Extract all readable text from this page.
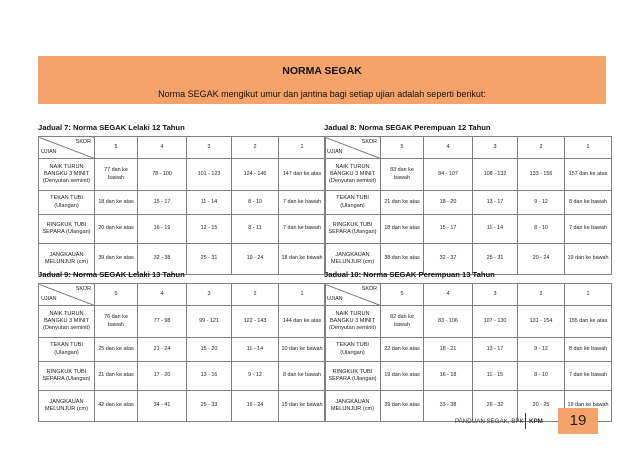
NORMA SEGAK
Norma SEGAK mengikut umur dan jantina bagi setiap ujian adalah seperti berikut:
Jadual 7: Norma SEGAK Lelaki 12 Tahun
SKOR
UJIAN	5	4	3	2	1
NAIK TURUN BANGKU 3 MINIT (Denyutan seminit)	77 dan ke bawah	78 - 100	101 - 123	124 - 146	147 dan ke atas
TEKAN TUBI (Ulangan)	18 dan ke atas	15 - 17	11 - 14	8 - 10	7 dan ke bawah
RINGKUK TUBI SEPARA (Ulangan)	20 dan ke atas	16 - 19	12 - 15	8 - 11	7 dan ke bawah
JANGKAUAN MELUNJUR (cm)	39 dan ke atas	32 - 38	25 - 31	19 - 24	18 dan ke bawah
Jadual 8: Norma SEGAK Perempuan 12 Tahun
SKOR
UJIAN	5	4	3	2	1
NAIK TURUN BANGKU 3 MINIT (Denyutan seminit)	83 dan ke bawah	84 - 107	108 - 132	133 - 156	157 dan ke atas
TEKAN TUBI (Ulangan)	21 dan ke atas	18 - 20	13 - 17	9 - 12	8 dan ke bawah
RINGKUK TUBI SEPARA (Ulangan)	18 dan ke atas	15 - 17	11 - 14	8 - 10	7 dan ke bawah
JANGKAUAN MELUNJUR (cm)	38 dan ke atas	32 - 37	25 - 31	20 - 24	19 dan ke bawah
Jadual 9: Norma SEGAK Lelaki 13 Tahun
SKOR
UJIAN	5	4	3	2	1
NAIK TURUN BANGKU 3 MINIT (Denyutan seminit)	76 dan ke bawah	77 - 98	99 - 121	122 - 143	144 dan ke atas
TEKAN TUBI (Ulangan)	25 dan ke atas	21 - 24	15 - 20	11 - 14	10 dan ke bawah
RINGKUK TUBI SEPARA (Ulangan)	21 dan ke atas	17 - 20	13 - 16	9 - 12	8 dan ke bawah
JANGKAUAN MELUNJUR (cm)	42 dan ke atas	34 - 41	25 - 33	16 - 24	15 dan ke bawah
Jadual 10: Norma SEGAK Perempuan 13 Tahun
SKOR
UJIAN	5	4	3	2	1
NAIK TURUN BANGKU 3 MINIT (Denyutan seminit)	82 dan ke bawah	83 - 106	107 - 130	131 - 154	155 dan ke atas
TEKAN TUBI (Ulangan)	22 dan ke atas	18 - 21	13 - 17	9 - 12	8 dan ke bawah
RINGKUK TUBI SEPARA (Ulangan)	19 dan ke atas	16 - 18	11 - 15	8 - 10	7 dan ke bawah
JANGKAUAN MELUNJUR (cm)	39 dan ke atas	33 - 38	26 - 32	20 - 25	19 dan ke bawah
PANDUAN SEGAK, BPK KPM	19
